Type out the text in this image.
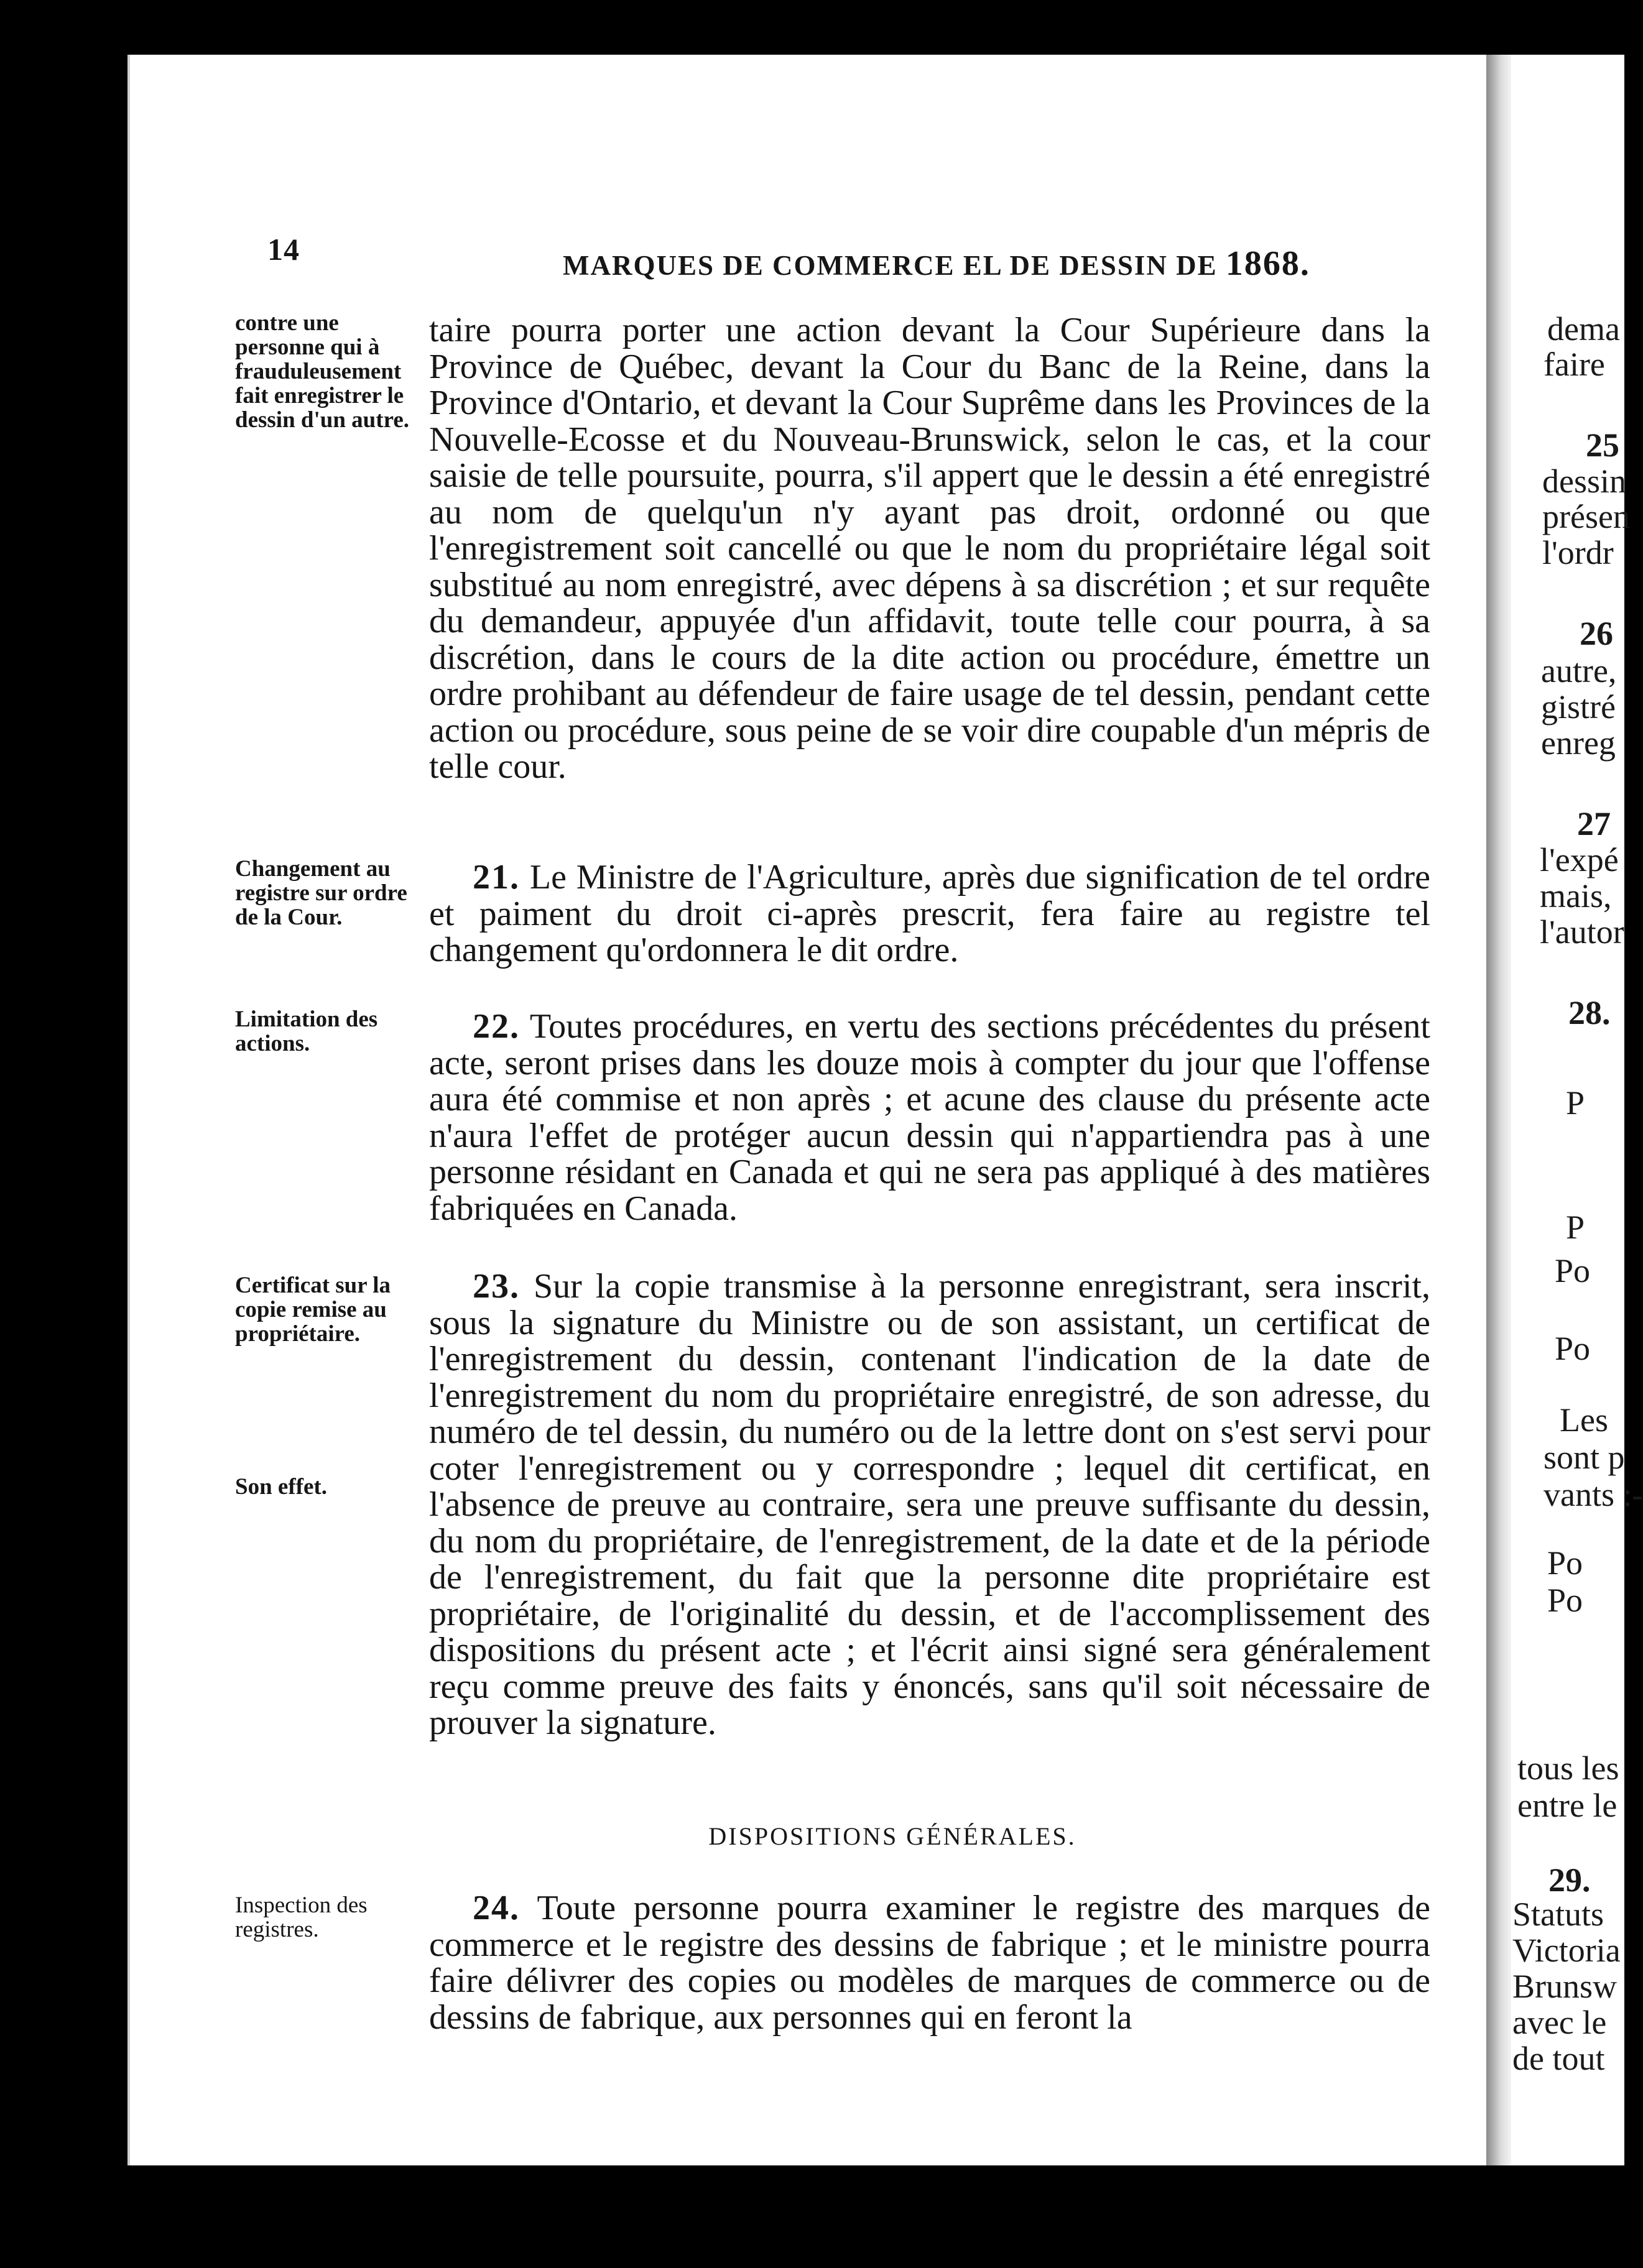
14	MARQUES DE COMMERCE EL DE DESSIN DE 1868.
contre une personne qui à frauduleusement fait enregistrer le dessin d'un autre.
Changement au registre sur ordre de la Cour.
Limitation des actions.
Certificat sur la copie remise au propriétaire.
Son effet.
Inspection des registres.
taire pourra porter une action devant la Cour Supérieure dans la Province de Québec, devant la Cour du Banc de la Reine, dans la Province d'Ontario, et devant la Cour Suprême dans les Provinces de la Nouvelle-Ecosse et du Nouveau-Brunswick, selon le cas, et la cour saisie de telle poursuite, pourra, s'il appert que le dessin a été enregistré au nom de quelqu'un n'y ayant pas droit, ordonné ou que l'enregistrement soit cancellé ou que le nom du propriétaire légal soit substitué au nom enregistré, avec dépens à sa discrétion ; et sur requête du demandeur, appuyée d'un affidavit, toute telle cour pourra, à sa discrétion, dans le cours de la dite action ou procédure, émettre un ordre prohibant au défendeur de faire usage de tel dessin, pendant cette action ou procédure, sous peine de se voir dire coupable d'un mépris de telle cour.
21. Le Ministre de l'Agriculture, après due signification de tel ordre et paiment du droit ci-après prescrit, fera faire au registre tel changement qu'ordonnera le dit ordre.
22. Toutes procédures, en vertu des sections précédentes du présent acte, seront prises dans les douze mois à compter du jour que l'offense aura été commise et non après ; et acune des clause du présente acte n'aura l'effet de protéger aucun dessin qui n'appartiendra pas à une personne résidant en Canada et qui ne sera pas appliqué à des matières fabriquées en Canada.
23. Sur la copie transmise à la personne enregistrant, sera inscrit, sous la signature du Ministre ou de son assistant, un certificat de l'enregistrement du dessin, contenant l'indication de la date de l'enregistrement du nom du propriétaire enregistré, de son adresse, du numéro de tel dessin, du numéro ou de la lettre dont on s'est servi pour coter l'enregistrement ou y correspondre ; lequel dit certificat, en l'absence de preuve au contraire, sera une preuve suffisante du dessin, du nom du propriétaire, de l'enregistrement, de la date et de la période de l'enregistrement, du fait que la personne dite propriétaire est propriétaire, de l'originalité du dessin, et de l'accomplissement des dispositions du présent acte ; et l'écrit ainsi signé sera généralement reçu comme preuve des faits y énoncés, sans qu'il soit nécessaire de prouver la signature.
DISPOSITIONS GÉNÉRALES.
24. Toute personne pourra examiner le registre des marques de commerce et le registre des dessins de fabrique ; et le ministre pourra faire délivrer des copies ou modèles de marques de commerce ou de dessins de fabrique, aux personnes qui en feront la
dema
faire
25
dessin
présen
l'ordr
26
autre,
gistré
enreg
27
l'expé
mais,
l'autor
28.
P
P
Po
Po
Les
sont p
vants :-
Po
Po
tous les
entre le
29.
Statuts
Victoria
Brunsw
avec le
de tout
